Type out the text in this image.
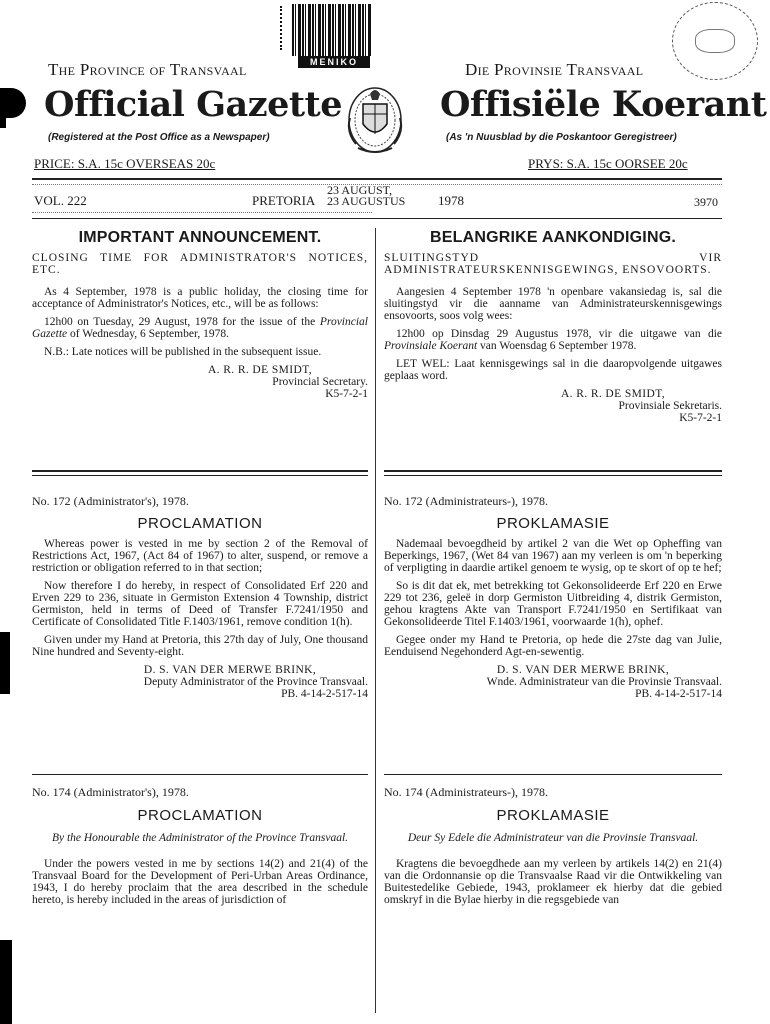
MENIKO
The Province of Transvaal	Die Provinsie Transvaal
Official Gazette	Offisiële Koerant
(Registered at the Post Office as a Newspaper)	(As 'n Nuusblad by die Poskantoor Geregistreer)
PRICE: S.A. 15c OVERSEAS 20c	PRYS: S.A. 15c OORSEE 20c
VOL. 222	PRETORIA
23 AUGUST,
23 AUGUSTUS	1978	3970
IMPORTANT ANNOUNCEMENT.
CLOSING TIME FOR ADMINISTRATOR'S NOTICES, ETC.

As 4 September, 1978 is a public holiday, the closing time for acceptance of Administrator's Notices, etc., will be as follows:

12h00 on Tuesday, 29 August, 1978 for the issue of the Provincial Gazette of Wednesday, 6 September, 1978.

N.B.: Late notices will be published in the subsequent issue.

A. R. R. DE SMIDT,
Provincial Secretary.
K5-7-2-1
BELANGRIKE AANKONDIGING.
SLUITINGSTYD VIR ADMINISTRATEURSKENNISGEWINGS, ENSOVOORTS.

Aangesien 4 September 1978 'n openbare vakansiedag is, sal die sluitingstyd vir die aanname van Administrateurskennisgewings ensovoorts, soos volg wees:

12h00 op Dinsdag 29 Augustus 1978, vir die uitgawe van die Provinsiale Koerant van Woensdag 6 September 1978.

LET WEL: Laat kennisgewings sal in die daaropvolgende uitgawes geplaas word.

A. R. R. DE SMIDT,
Provinsiale Sekretaris.
K5-7-2-1
No. 172 (Administrator's), 1978.
PROCLAMATION

Whereas power is vested in me by section 2 of the Removal of Restrictions Act, 1967, (Act 84 of 1967) to alter, suspend, or remove a restriction or obligation referred to in that section;

Now therefore I do hereby, in respect of Consolidated Erf 220 and Erven 229 to 236, situate in Germiston Extension 4 Township, district Germiston, held in terms of Deed of Transfer F.7241/1950 and Certificate of Consolidated Title F.1403/1961, remove condition 1(h).

Given under my Hand at Pretoria, this 27th day of July, One thousand Nine hundred and Seventy-eight.

D. S. VAN DER MERWE BRINK,
Deputy Administrator of the Province Transvaal.
PB. 4-14-2-517-14
No. 172 (Administrateurs-), 1978.
PROKLAMASIE

Nademaal bevoegdheid by artikel 2 van die Wet op Opheffing van Beperkings, 1967, (Wet 84 van 1967) aan my verleen is om 'n beperking of verpligting in daardie artikel genoem te wysig, op te skort of op te hef;

So is dit dat ek, met betrekking tot Gekonsolideerde Erf 220 en Erwe 229 tot 236, geleë in dorp Germiston Uitbreiding 4, distrik Germiston, gehou kragtens Akte van Transport F.7241/1950 en Sertifikaat van Gekonsolideerde Titel F.1403/1961, voorwaarde 1(h), ophef.

Gegee onder my Hand te Pretoria, op hede die 27ste dag van Julie, Eenduisend Negehonderd Agt-en-sewentig.

D. S. VAN DER MERWE BRINK,
Wnde. Administrateur van die Provinsie Transvaal.
PB. 4-14-2-517-14
No. 174 (Administrator's), 1978.
PROCLAMATION
By the Honourable the Administrator of the Province Transvaal.

Under the powers vested in me by sections 14(2) and 21(4) of the Transvaal Board for the Development of Peri-Urban Areas Ordinance, 1943, I do hereby proclaim that the area described in the schedule hereto, is hereby included in the areas of jurisdiction of

No. 174 (Administrateurs-), 1978.
PROKLAMASIE
Deur Sy Edele die Administrateur van die Provinsie Transvaal.

Kragtens die bevoegdhede aan my verleen by artikels 14(2) en 21(4) van die Ordonnansie op die Transvaalse Raad vir die Ontwikkeling van Buitestedelike Gebiede, 1943, proklameer ek hierby dat die gebied omskryf in die Bylae hierby in die regsgebiede van
